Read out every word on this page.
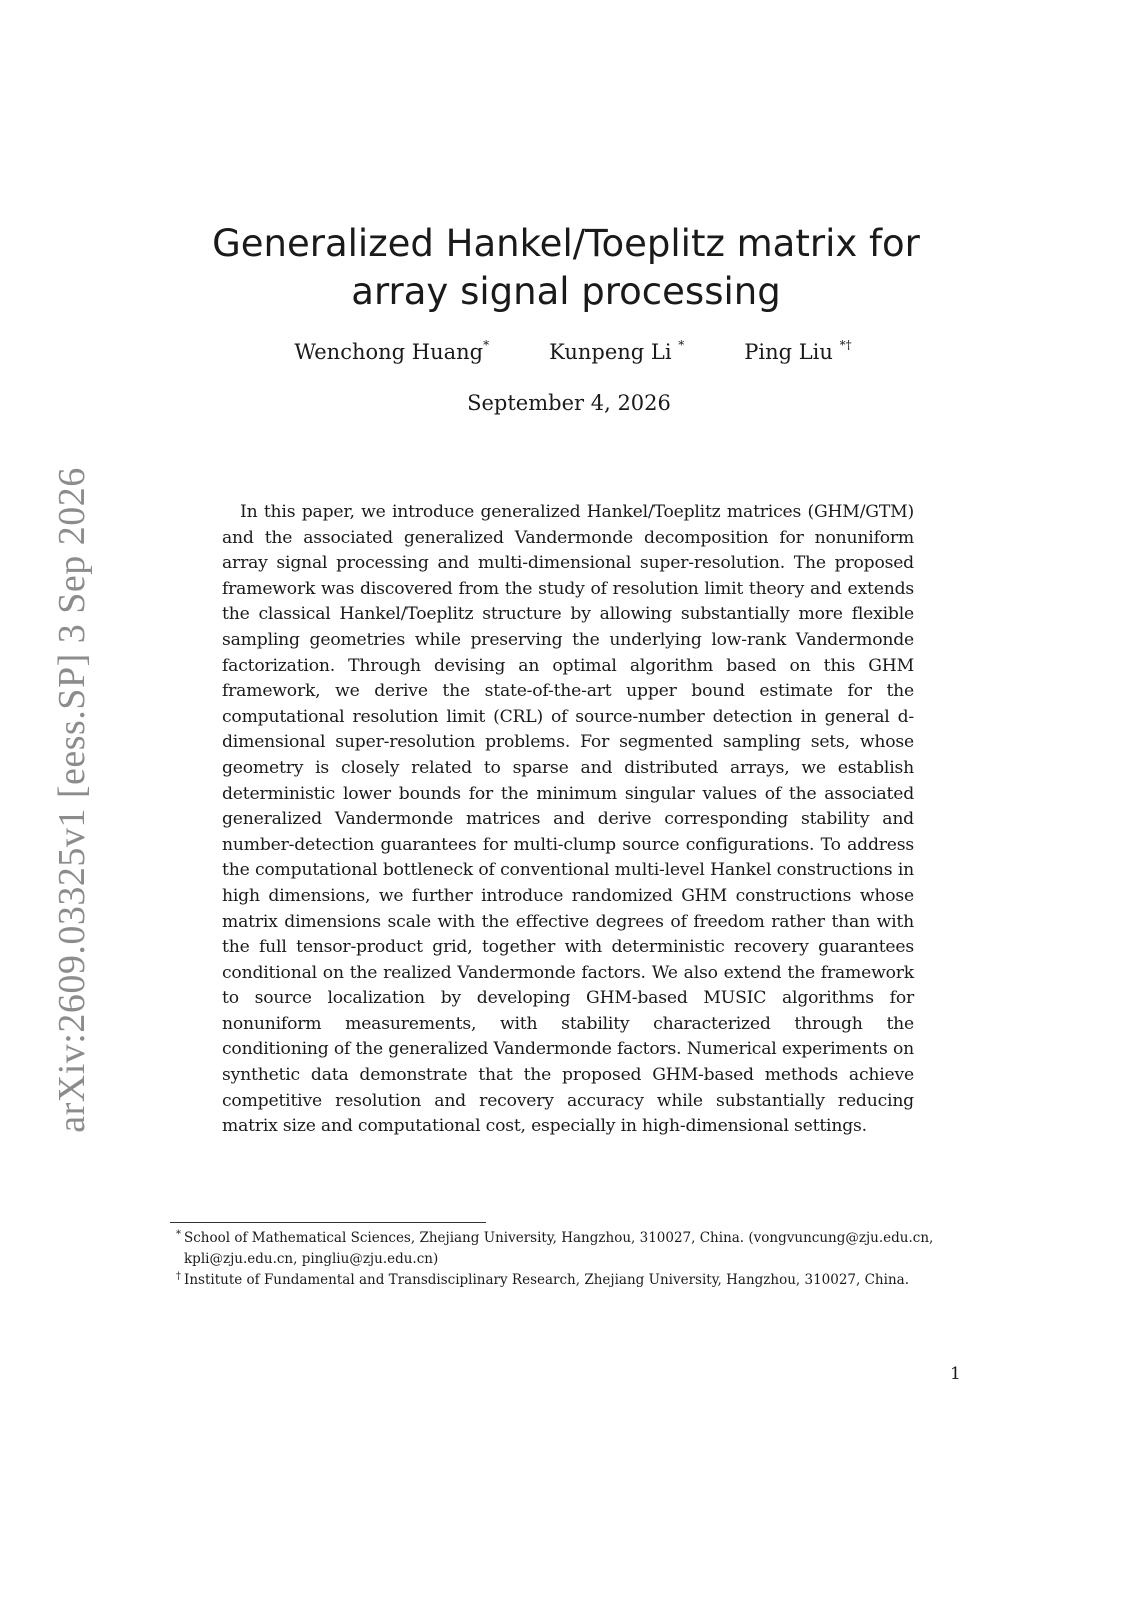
arXiv:2609.03325v1 [eess.SP] 3 Sep 2026
Generalized Hankel/Toeplitz matrix for
array signal processing
Wenchong Huang*	Kunpeng Li *	Ping Liu *†
September 4, 2026

In this paper, we introduce generalized Hankel/Toeplitz matrices (GHM/GTM) and the associated generalized Vandermonde decomposition for nonuniform array signal processing and multi-dimensional super-resolution. The proposed framework was discovered from the study of resolution limit theory and extends the classical Hankel/Toeplitz structure by allowing substantially more flexible sampling geometries while preserving the underlying low-rank Vandermonde factorization. Through devising an optimal algorithm based on this GHM framework, we derive the state-of-the-art upper bound estimate for the computational resolution limit (CRL) of source-number detection in general d-dimensional super-resolution problems. For segmented sampling sets, whose geometry is closely related to sparse and distributed arrays, we establish deterministic lower bounds for the minimum singular values of the associated generalized Vandermonde matrices and derive corresponding stability and number-detection guarantees for multi-clump source configurations. To address the computational bottleneck of conventional multi-level Hankel constructions in high dimensions, we further introduce randomized GHM constructions whose matrix dimensions scale with the effective degrees of freedom rather than with the full tensor-product grid, together with deterministic recovery guarantees conditional on the realized Vandermonde factors. We also extend the framework to source localization by developing GHM-based MUSIC algorithms for nonuniform measurements, with stability characterized through the conditioning of the generalized Vandermonde factors. Numerical experiments on synthetic data demonstrate that the proposed GHM-based methods achieve competitive resolution and recovery accuracy while substantially reducing matrix size and computational cost, especially in high-dimensional settings.

* School of Mathematical Sciences, Zhejiang University, Hangzhou, 310027, China. (vongvuncung@zju.edu.cn,
kpli@zju.edu.cn, pingliu@zju.edu.cn)
† Institute of Fundamental and Transdisciplinary Research, Zhejiang University, Hangzhou, 310027, China.
1
